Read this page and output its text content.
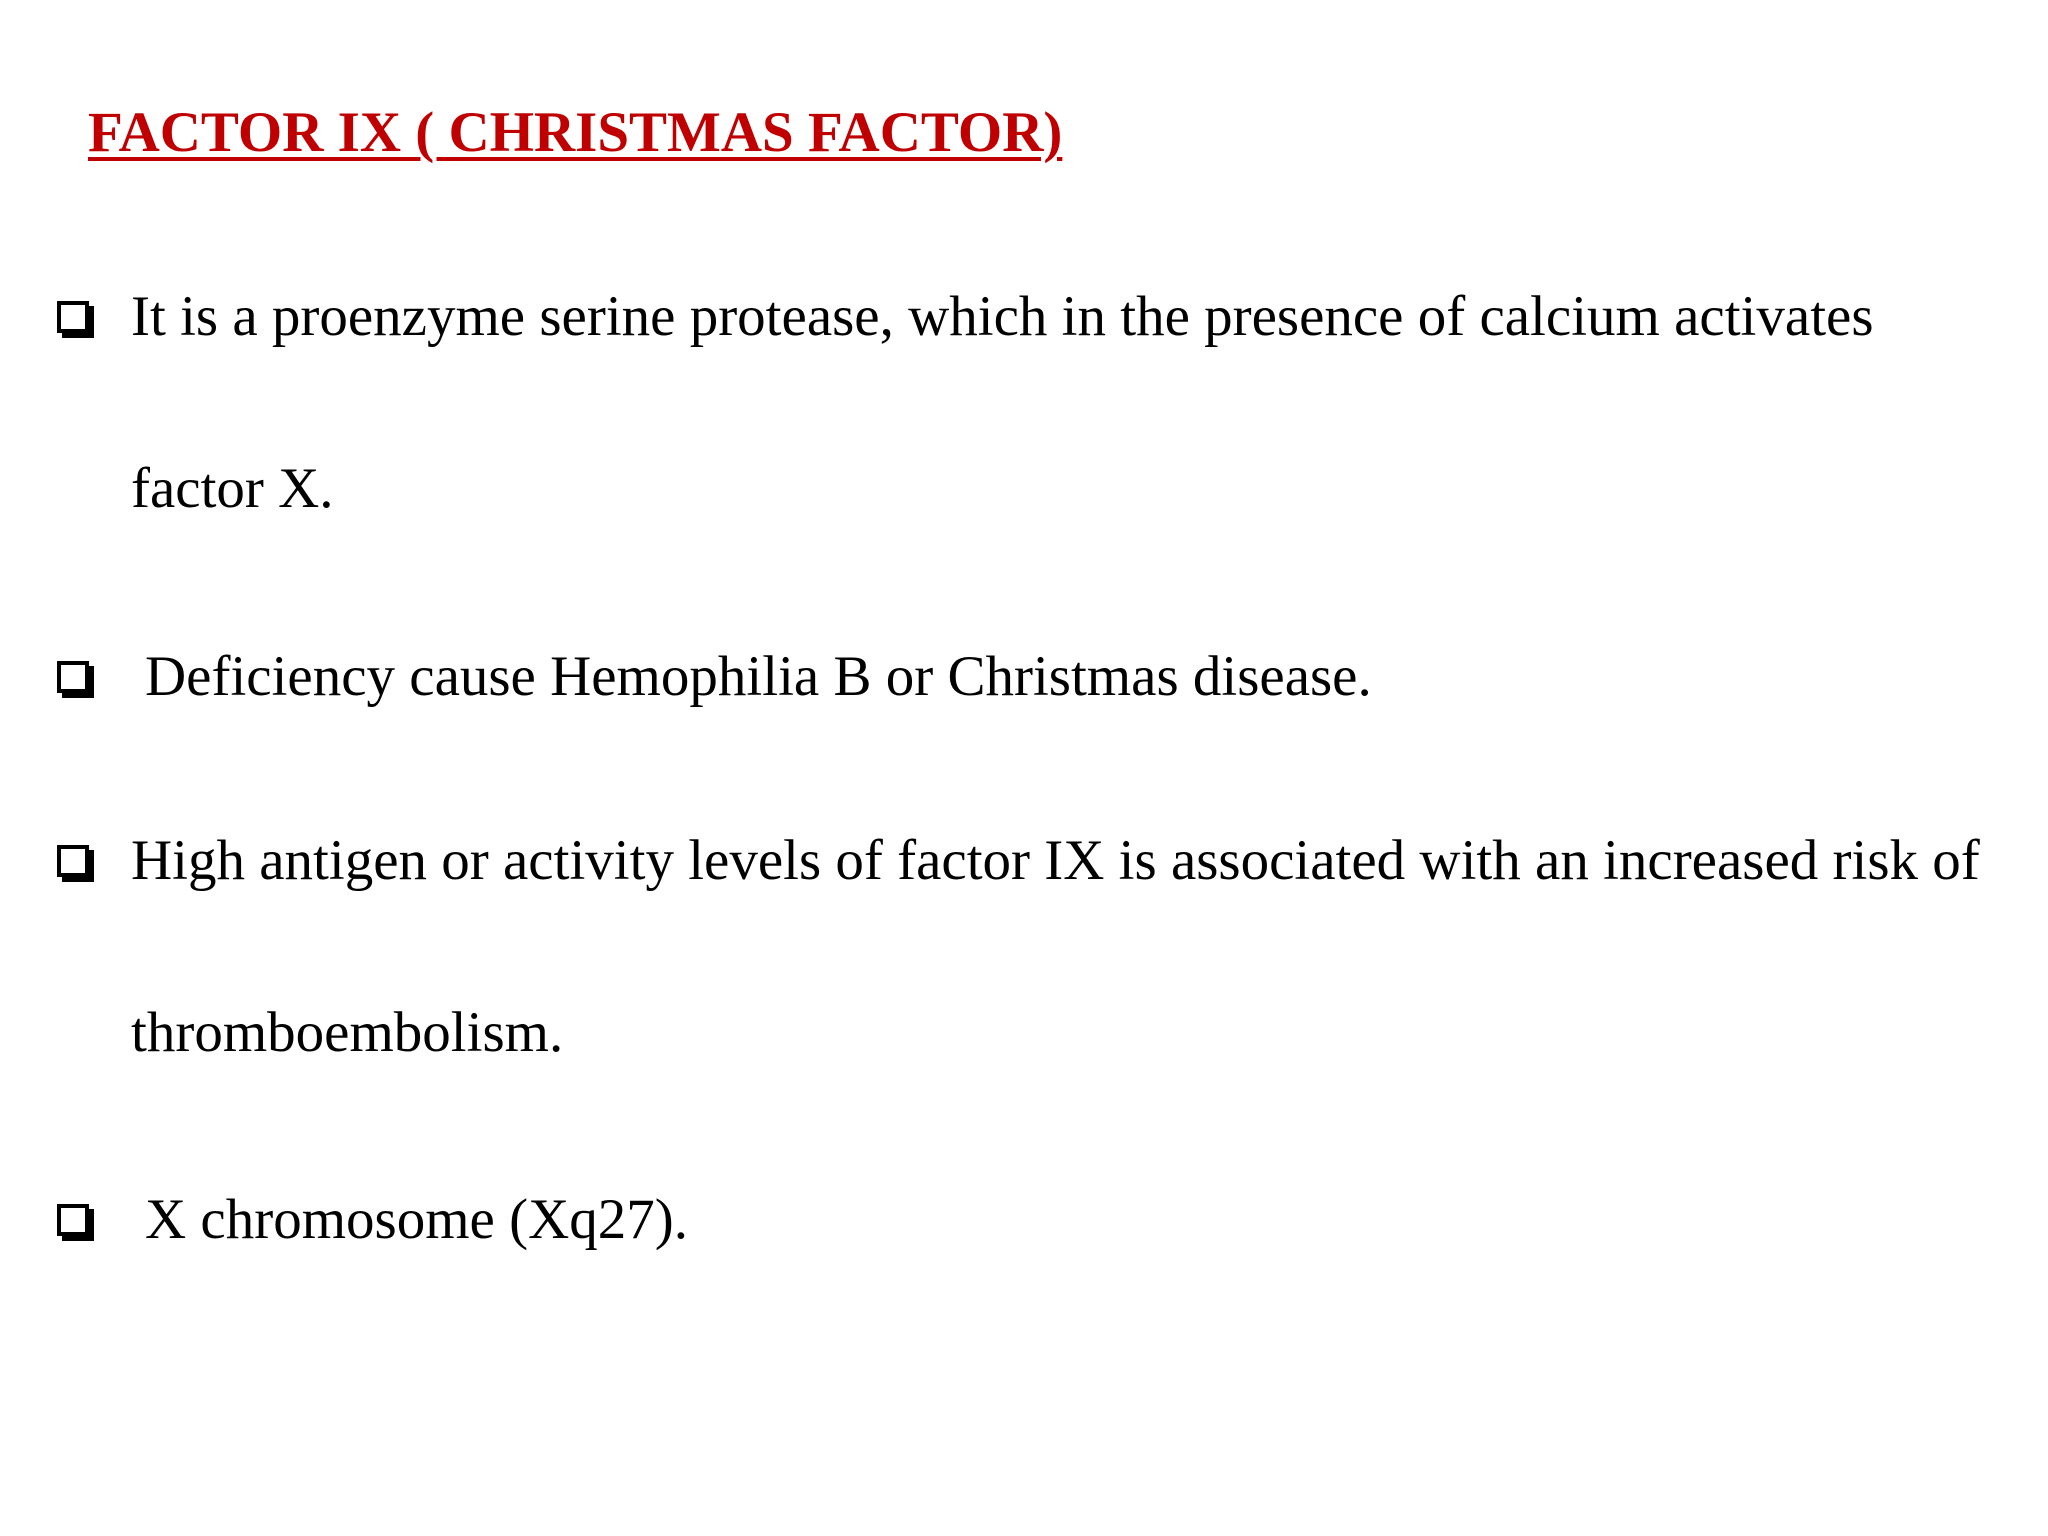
FACTOR IX ( CHRISTMAS FACTOR)
It is a proenzyme serine protease, which in the presence of calcium activates
factor X.
Deficiency cause Hemophilia B or Christmas disease.
High antigen or activity levels of factor IX is associated with an increased risk of
thromboembolism.
X chromosome (Xq27).
